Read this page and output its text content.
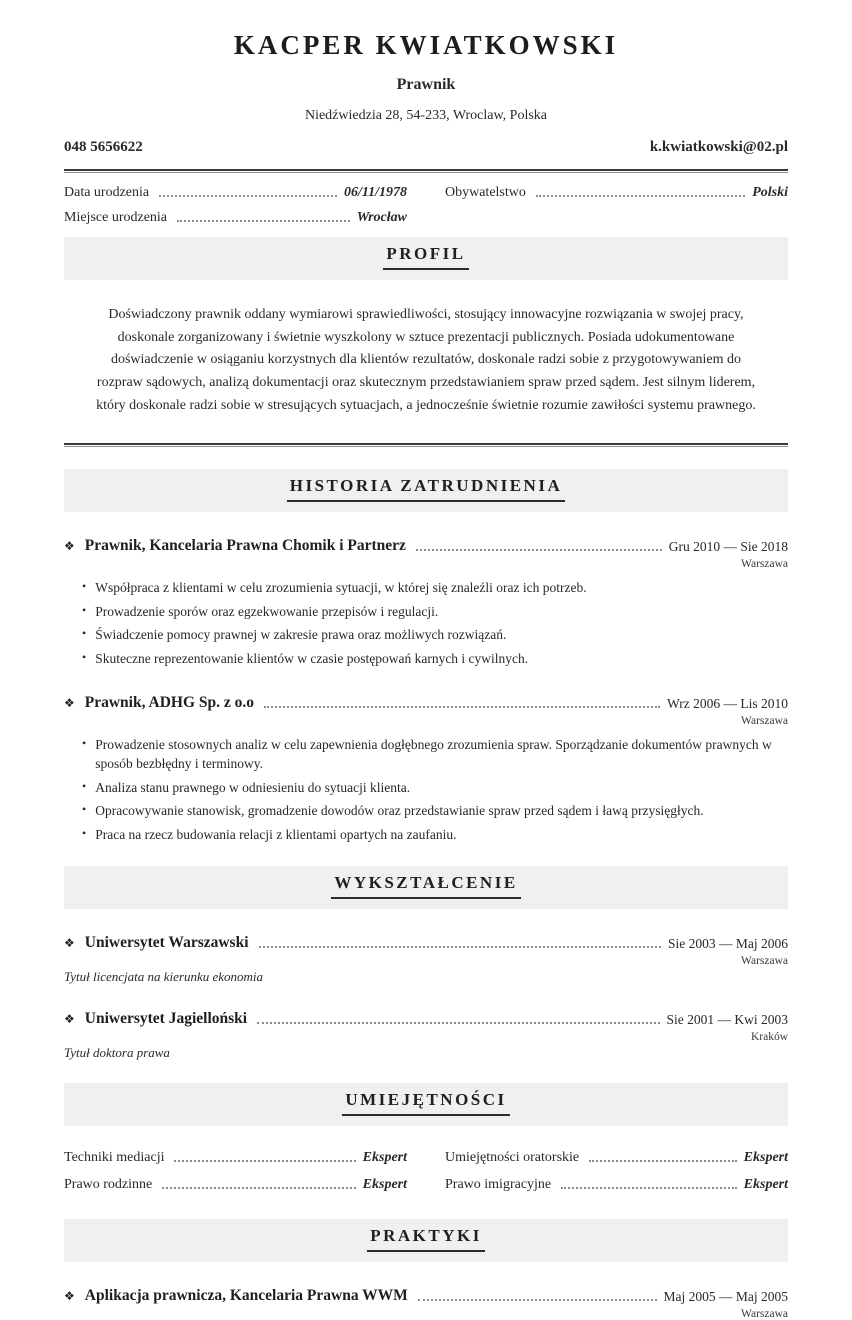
KACPER KWIATKOWSKI
Prawnik
Niedźwiedzia 28, 54-233, Wroclaw, Polska
048 5656622	k.kwiatkowski@02.pl
Data urodzenia	06/11/1978	Obywatelstwo	Polski
Miejsce urodzenia	Wrocław
PROFIL

Doświadczony prawnik oddany wymiarowi sprawiedliwości, stosujący innowacyjne rozwiązania w swojej pracy, doskonale zorganizowany i świetnie wyszkolony w sztuce prezentacji publicznych. Posiada udokumentowane doświadczenie w osiąganiu korzystnych dla klientów rezultatów, doskonale radzi sobie z przygotowywaniem do rozpraw sądowych, analizą dokumentacji oraz skutecznym przedstawianiem spraw przed sądem. Jest silnym liderem, który doskonale radzi sobie w stresujących sytuacjach, a jednocześnie świetnie rozumie zawiłości systemu prawnego.

HISTORIA ZATRUDNIENIA
❖ Prawnik, Kancelaria Prawna Chomik i Partnerz	Gru 2010 — Sie 2018
Warszawa
• Współpraca z klientami w celu zrozumienia sytuacji, w której się znaleźli oraz ich potrzeb.
• Prowadzenie sporów oraz egzekwowanie przepisów i regulacji.
• Świadczenie pomocy prawnej w zakresie prawa oraz możliwych rozwiązań.
• Skuteczne reprezentowanie klientów w czasie postępowań karnych i cywilnych.
❖ Prawnik, ADHG Sp. z o.o	Wrz 2006 — Lis 2010
Warszawa
• Prowadzenie stosownych analiz w celu zapewnienia dogłębnego zrozumienia spraw. Sporządzanie dokumentów prawnych w sposób bezbłędny i terminowy.
• Analiza stanu prawnego w odniesieniu do sytuacji klienta.
• Opracowywanie stanowisk, gromadzenie dowodów oraz przedstawianie spraw przed sądem i ławą przysięgłych.
• Praca na rzecz budowania relacji z klientami opartych na zaufaniu.
WYKSZTAŁCENIE
❖ Uniwersytet Warszawski	Sie 2003 — Maj 2006
Warszawa
Tytuł licencjata na kierunku ekonomia
❖ Uniwersytet Jagielloński	Sie 2001 — Kwi 2003
Kraków
Tytuł doktora prawa
UMIEJĘTNOŚCI
Techniki mediacji	Ekspert	Umiejętności oratorskie	Ekspert
Prawo rodzinne	Ekspert	Prawo imigracyjne	Ekspert
PRAKTYKI
❖ Aplikacja prawnicza, Kancelaria Prawna WWM	Maj 2005 — Maj 2005
Warszawa
